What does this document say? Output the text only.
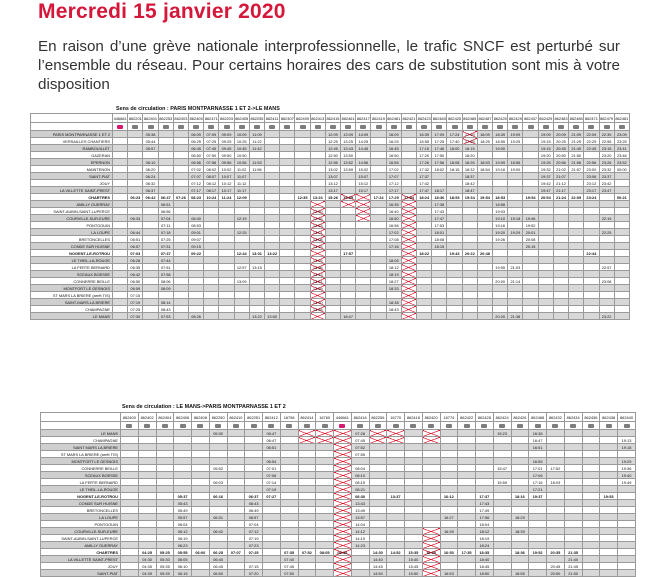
Mercredi 15 janvier 2020
En raison d’une grève nationale interprofessionnelle, le trafic SNCF est perturbé sur l’ensemble du réseau. Pour certains horaires des cars de substitution sont mis à votre disposition
Sens de circulation : PARIS MONTPARNASSE 1 ET 2->LE MANS
	446681	862201	862401	862253	862403	862405	862471	862203	862405	862255	862411	862407	862409	862413	862415	862461	862417	862419	862481	862421	862423	862483	862425	862485	862487	862425	862429	862437	862429	862483	862485	862471	862479	862481

PARIS MONTPARNASSE 1 ET 2			05:38			06:09	07:09	09:09	10:09	11:09					12:09	13:09	14:09		16:09		16:39	17:09	17:24	17:39	18:09	18:39	19:09		19:09	20:09	21:09	22:09	22:39	23:09
VERSAILLES CHANTIERS			05:44			06:25	07:25	09:25	10:25	11:22					12:25	13:25	14:25		16:25		16:55	17:25	17:40	17:55	18:25	18:55	19:25		19:15	20:25	21:25	22:25	22:55	23:25
RAMBOUILLET			05:57			06:45	07:45	09:45	10:45	11:42					12:45	13:43	14:45		16:45		17:15	17:46	18:00	18:15		19:00			19:15	20:45	21:45	22:45	23:15	23:41
GAZERAN						06:50	07:50	09:50	10:50						12:50	13:50			16:50		17:20	17:50		18:20					19:20	20:50	21:50		23:20	23:46
EPERNON			06:10			06:56	07:56	09:56	10:56	11:53					12:56	13:52	14:56		16:56		17:26	17:56	18:08	18:26	18:53	19:09	18:56		19:26	20:56	21:56	22:56	23:26	23:52
MAINTENON			06:20			07:02	08:02	10:02	11:02	11:56					13:02	13:59	15:02		17:02		17:32	18:02	18:15	18:32	18:54	19:16	19:00		19:32	21:02	21:57	23:00	23:32	00:00
SAINT-PIAT			06:24			07:07	08:07	10:07	11:07						13:07		15:07		17:07		17:37			18:37					19:37	21:07		23:06	23:37	
JOUY			06:32			07:12	08:12	10:12	11:12						13:12		15:12		17:12		17:42			18:42					19:42	21:12		23:12	23:42	
LA VILLETTE SAINT-PREST			06:37			07:17	08:17	10:17	11:17						13:17		15:17		17:17		17:47	18:17		18:47					19:47	21:17		23:17	23:47	
CHARTRES		06:23	06:42	06:47	07:26	08:23	10:24	11:24	12:09				12:35	13:24	15:26	15:35		17:24	17:29	17:54	18:24	18:36	18:53	19:34	19:54	18:53		19:54	20:54	21:24	22:09	23:24		00:21
AMILLY OUERRAY				06:51															16:35			17:38				18:58								
SAINT-AUBIN-SAINT-LUPERCE				06:56										12:40					16:40			17:43				19:03								
COURVILLE-SUR-EURE		06:33		07:04		08:40			12:19					12:46					16:50			17:47				19:10	19:18	19:46					22:19	
PONTGOUIN				07:11		08:53								12:53					16:56			17:53				19:16		19:52						
LA LOUPE		06:44		07:18		09:01			12:25					13:01					17:02			18:01				19:20	19:29	20:01					22:25	
BRETONCELLES		06:51		07:25		09:07								13:08					17:08			18:08				19:26		20:08						
CONDE SUR HUISNE		06:57		07:31		09:15								13:15					17:16			18:15						20:15						
NOGENT-LE-ROTROU		07:03		07:37		09:22			12:44	13:01	13:22					17:57					18:22		19:43	20:22	20:48							22:44		
LE THEIL-LA-ROUGE		06:28		07:44										13:29					18:05															
LA FERTE BERNARD		06:35		07:51					12:57	13:15				13:36					18:12							19:55	21:03						22:57	
SCEAUX BOESSE		06:42		07:58										13:43					18:19															
CONNERRE BEILLE		06:50		08:06					13:09					13:51					18:27							20:00	21:14						23:08	
MONTFORT LE GESNOIS		06:59		08:09										13:59					18:33															
ST MARS LA BRIERE (arrêt TIS)		07:15																																
SAINT-MARS-LA BRIERE		07:19		08:14										13:40					18:38															
CHAMPAGNE		07:25		08:43										13:48					18:43															
LE MANS		07:30		07:53		08:26				13:22	13:50					18:47										20:20	21:38						23:22	
Sens de circulation : LE MANS->PARIS MONTPARNASSE 1 ET 2
	862400	862402	862404	862406	862408	862250	862410	862251	862412	16756	862414	16760	446661	862416	862256	16770	862418	862420	16774	862422	862428	862424	862426	862488	862432	862434	862436	862438	862440

LE MANS						05:30			06:47					07:28								15:23		16:38					
CHAMPAGNE									06:47					07:45										16:47					19:13
SAINT MARS LA BRIERE									06:51					07:52										16:51					19:18
ST MARS LA BRIERE (arrêt TIS)														07:55															
MONTFORT LE GESNOIS									06:54															16:55					19:29
CONNERRE BEILLE						05:52			07:01					08:04								15:47		17:01	17:52				19:36
SCEAUX BOESSE									07:06					08:10										17:06					19:40
LA FERTE BERNARD						06:03			07:14					08:15								15:59		17:16	18:03				19:49
LE THEIL-LA-ROUGE									07:19					08:21										17:21					
NOGENT-LE-ROTROU				05:37		06:16		06:37	07:27					08:30		13:37			16:12		17:37		18:16	19:37				19:53	
CONDE SUR HUISNE				05:43				06:43						13:43							17:43								
BRETONCELLES				05:49				06:49						13:49							17:49								
LA LOUPE				05:57		06:31		06:57						13:57					16:27		17:56		18:29						
PONTGOUIN				06:04				07:04						14:04							18:04								
COURVILLE-SUR-EURE				06:12		06:42		07:12						14:12					16:39		18:12		18:39						
SAINT-AUBIN-SAINT-LUPERCE				06:19				07:19						14:19							18:19								
AMILLY OUERRAY				06:23				07:23						14:23							18:24								
CHARTRES		04:25	05:25	05:55	06:00	06:25	07:07	07:25		07:35	07:52	08:05	08:30		14:30	14:52	15:35	16:00	16:53	17:35	18:35		18:36	19:52	20:35	21:35			
LA VILLETTE SAINT-PREST		04:30	05:30	06:05		06:40				07:40					14:40		15:40				18:40					21:40			
JOUY		04:35	05:35	06:10		06:45		07:15		07:45					14:45		15:45				18:45				20:45	21:45			
SAINT-PIAT		04:39	05:39	06:15		06:50		07:20		07:50					14:50		15:50		16:53		18:50		18:55		20:50	21:50			
